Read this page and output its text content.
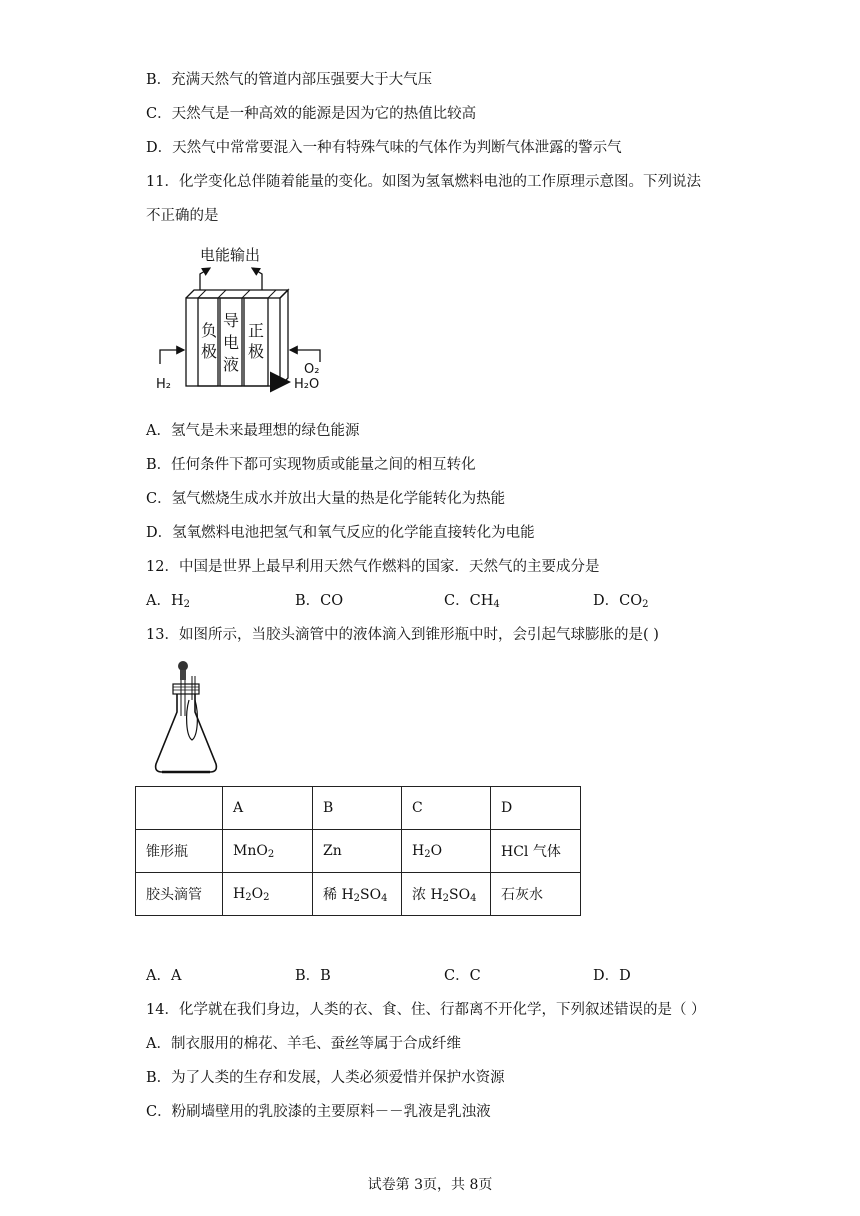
B．充满天然气的管道内部压强要大于大气压
C．天然气是一种高效的能源是因为它的热值比较高
D．天然气中常常要混入一种有特殊气味的气体作为判断气体泄露的警示气
11．化学变化总伴随着能量的变化。如图为氢氧燃料电池的工作原理示意图。下列说法
不正确的是
电能输出
负
极
导
电
液
正
极
H₂
O₂
H₂O
A．氢气是未来最理想的绿色能源
B．任何条件下都可实现物质或能量之间的相互转化
C．氢气燃烧生成水并放出大量的热是化学能转化为热能
D．氢氧燃料电池把氢气和氧气反应的化学能直接转化为电能
12．中国是世界上最早利用天然气作燃料的国家．天然气的主要成分是
A．$H_2$	B．CO	C．$CH_4$	D．$CO_2$
13．如图所示，当胶头滴管中的液体滴入到锥形瓶中时，会引起气球膨胀的是( )
	A	B	C	D
锥形瓶	MnO$_2$	Zn	$H_2O$	HCl 气体
胶头滴管	$H_2O_2$	稀 $H_2SO_4$	浓 $H_2SO_4$	石灰水
A．A	B．B	C．C	D．D
14．化学就在我们身边，人类的衣、食、住、行都离不开化学，下列叙述错误的是（ ）
A．制衣服用的棉花、羊毛、蚕丝等属于合成纤维
B．为了人类的生存和发展，人类必须爱惜并保护水资源
C．粉刷墙壁用的乳胶漆的主要原料－－乳液是乳浊液
试卷第 3页，共 8页
